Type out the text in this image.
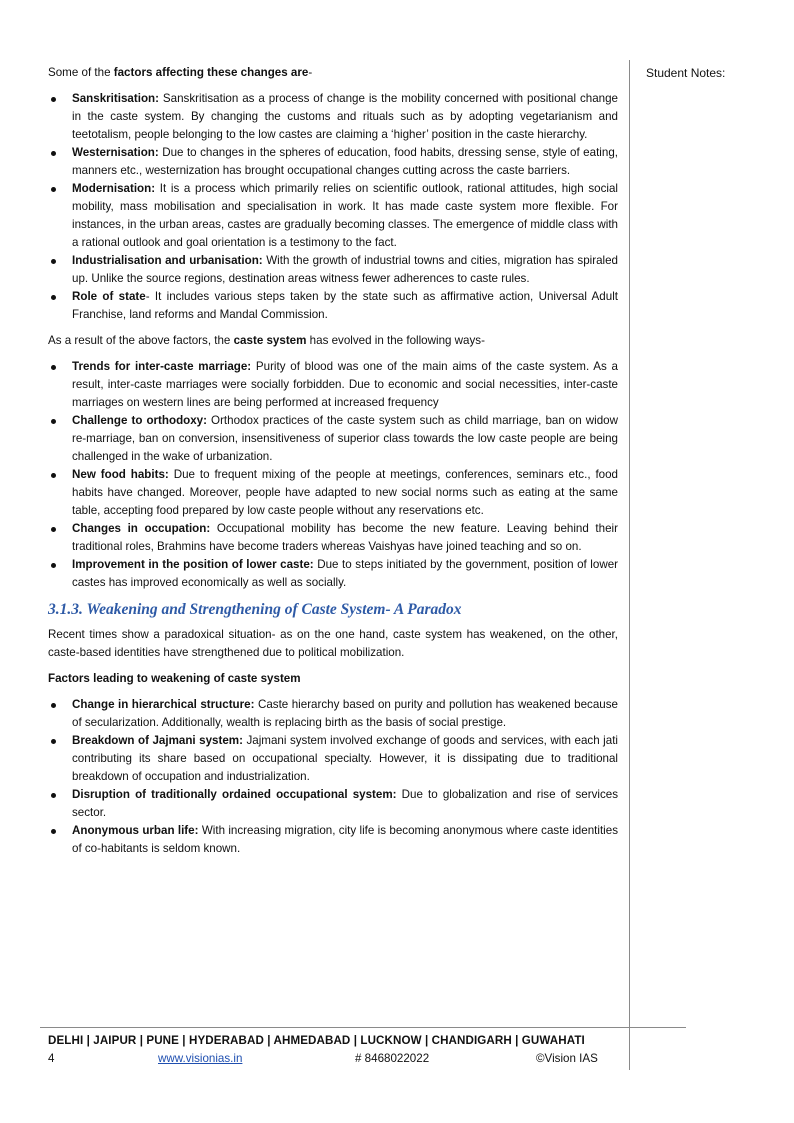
Some of the factors affecting these changes are-

Sanskritisation: Sanskritisation as a process of change is the mobility concerned with positional change in the caste system. By changing the customs and rituals such as by adopting vegetarianism and teetotalism, people belonging to the low castes are claiming a ‘higher’ position in the caste hierarchy.
Westernisation: Due to changes in the spheres of education, food habits, dressing sense, style of eating, manners etc., westernization has brought occupational changes cutting across the caste barriers.
Modernisation: It is a process which primarily relies on scientific outlook, rational attitudes, high social mobility, mass mobilisation and specialisation in work. It has made caste system more flexible. For instances, in the urban areas, castes are gradually becoming classes. The emergence of middle class with a rational outlook and goal orientation is a testimony to the fact.
Industrialisation and urbanisation: With the growth of industrial towns and cities, migration has spiraled up. Unlike the source regions, destination areas witness fewer adherences to caste rules.
Role of state- It includes various steps taken by the state such as affirmative action, Universal Adult Franchise, land reforms and Mandal Commission.

As a result of the above factors, the caste system has evolved in the following ways-

Trends for inter-caste marriage: Purity of blood was one of the main aims of the caste system. As a result, inter-caste marriages were socially forbidden. Due to economic and social necessities, inter-caste marriages on western lines are being performed at increased frequency
Challenge to orthodoxy: Orthodox practices of the caste system such as child marriage, ban on widow re-marriage, ban on conversion, insensitiveness of superior class towards the low caste people are being challenged in the wake of urbanization.
New food habits: Due to frequent mixing of the people at meetings, conferences, seminars etc., food habits have changed. Moreover, people have adapted to new social norms such as eating at the same table, accepting food prepared by low caste people without any reservations etc.
Changes in occupation: Occupational mobility has become the new feature. Leaving behind their traditional roles, Brahmins have become traders whereas Vaishyas have joined teaching and so on.
Improvement in the position of lower caste: Due to steps initiated by the government, position of lower castes has improved economically as well as socially.
3.1.3. Weakening and Strengthening of Caste System- A Paradox

Recent times show a paradoxical situation- as on the one hand, caste system has weakened, on the other, caste-based identities have strengthened due to political mobilization.

Factors leading to weakening of caste system

Change in hierarchical structure: Caste hierarchy based on purity and pollution has weakened because of secularization. Additionally, wealth is replacing birth as the basis of social prestige.
Breakdown of Jajmani system: Jajmani system involved exchange of goods and services, with each jati contributing its share based on occupational specialty. However, it is dissipating due to traditional breakdown of occupation and industrialization.
Disruption of traditionally ordained occupational system: Due to globalization and rise of services sector.
Anonymous urban life: With increasing migration, city life is becoming anonymous where caste identities of co-habitants is seldom known.
Student Notes:
DELHI | JAIPUR | PUNE | HYDERABAD | AHMEDABAD | LUCKNOW | CHANDIGARH | GUWAHATI
4	www.visionias.in	# 8468022022	©Vision IAS
